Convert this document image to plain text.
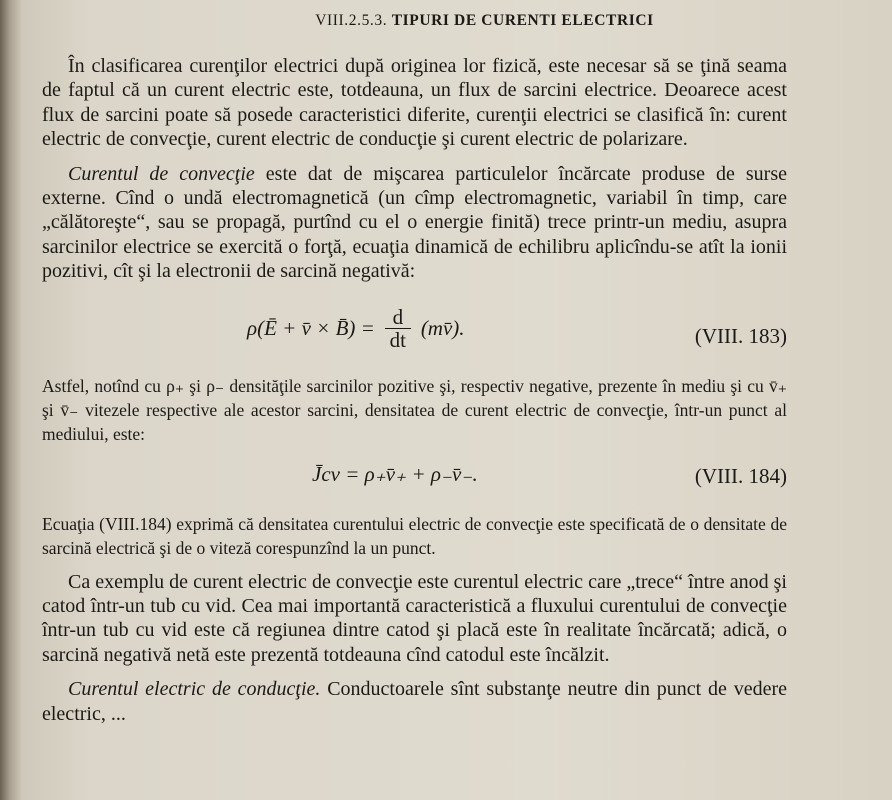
VIII.2.5.3. TIPURI DE CURENTI ELECTRICI

În clasificarea curenţilor electrici după originea lor fizică, este necesar să se ţină seama de faptul că un curent electric este, totdeauna, un flux de sarcini electrice. Deoarece acest flux de sarcini poate să posede caracteristici diferite, curenţii electrici se clasifică în: curent electric de convecţie, curent electric de conducţie şi curent electric de polarizare.

Curentul de convecţie este dat de mişcarea particulelor încărcate produse de surse externe. Cînd o undă electromagnetică (un cîmp electromagnetic, variabil în timp, care „călătoreşte“, sau se propagă, purtînd cu el o energie finită) trece printr-un mediu, asupra sarcinilor electrice se exercită o forţă, ecuaţia dinamică de echilibru aplicîndu-se atît la ionii pozitivi, cît şi la electronii de sarcină negativă:

ρ(Ē + v̄ × B̄) = $\frac{d}{dt}$ (mv̄).	(VIII. 183)

Astfel, notînd cu ρ₊ şi ρ₋ densităţile sarcinilor pozitive şi, respectiv negative, prezente în mediu şi cu v̄₊ şi v̄₋ vitezele respective ale acestor sarcini, densitatea de curent electric de convecţie, într-un punct al mediului, este:

J̄cv = ρ₊v̄₊ + ρ₋v̄₋.	(VIII. 184)

Ecuaţia (VIII.184) exprimă că densitatea curentului electric de convecţie este specificată de o densitate de sarcină electrică şi de o viteză corespunzînd la un punct.

Ca exemplu de curent electric de convecţie este curentul electric care „trece“ între anod şi catod într-un tub cu vid. Cea mai importantă caracteristică a fluxului curentului de convecţie într-un tub cu vid este că regiunea dintre catod şi placă este în realitate încărcată; adică, o sarcină negativă netă este prezentă totdeauna cînd catodul este încălzit.

Curentul electric de conducţie. Conductoarele sînt substanţe neutre din punct de vedere electric, ...
